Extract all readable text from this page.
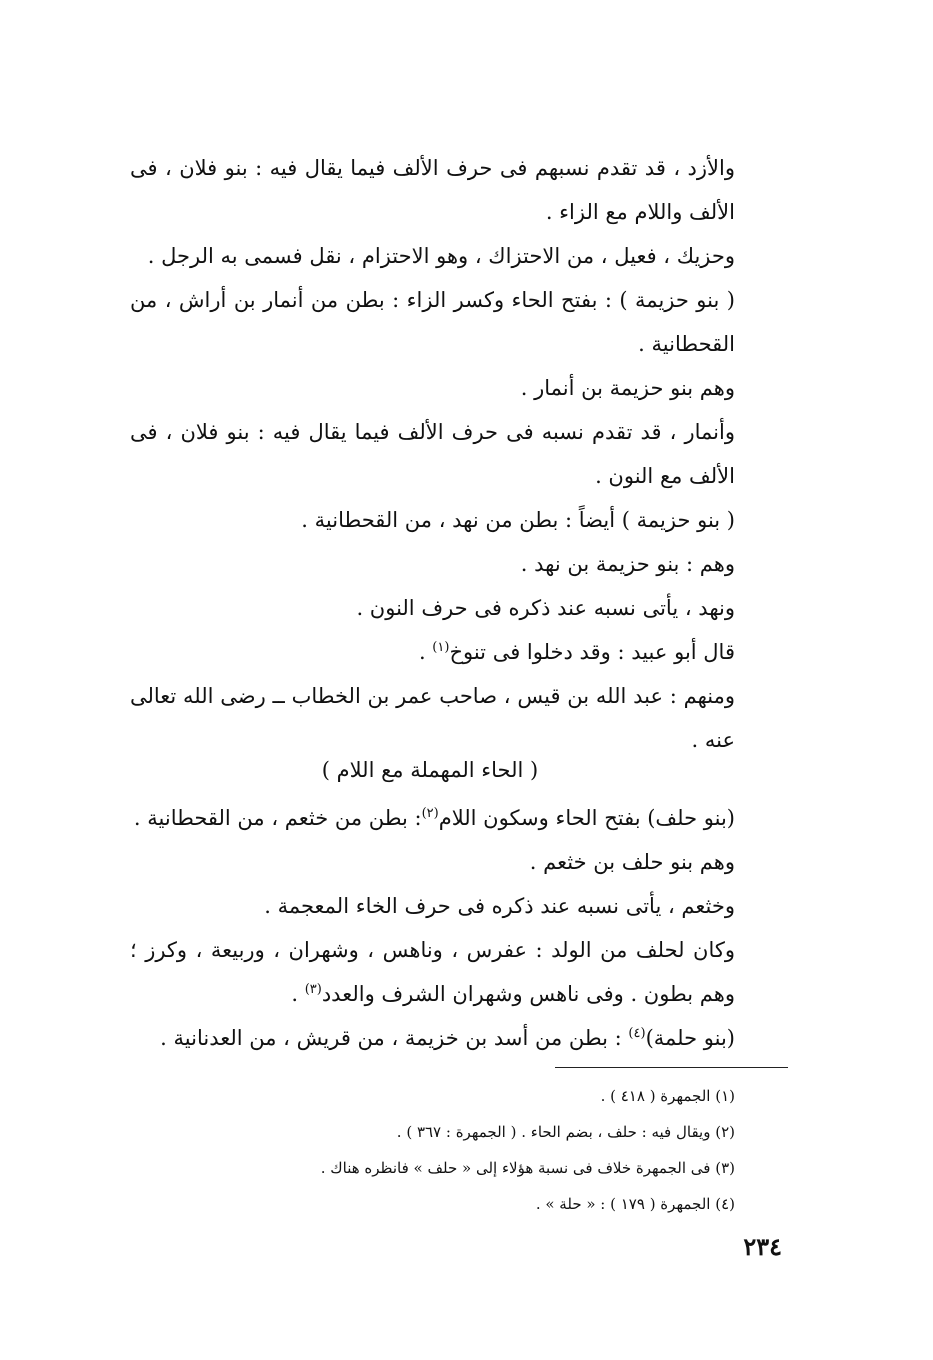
والأزد ، قد تقدم نسبهم فى حرف الألف فيما يقال فيه : بنو فلان ، فى الألف واللام مع الزاء .

وحزيك ، فعيل ، من الاحتزاك ، وهو الاحتزام ، نقل فسمى به الرجل .

( بنو حزيمة ) : بفتح الحاء وكسر الزاء : بطن من أنمار بن أراش ، من القحطانية .

وهم بنو حزيمة بن أنمار .

وأنمار ، قد تقدم نسبه فى حرف الألف فيما يقال فيه : بنو فلان ، فى الألف مع النون .

( بنو حزيمة ) أيضاً : بطن من نهد ، من القحطانية .

وهم : بنو حزيمة بن نهد .

ونهد ، يأتى نسبه عند ذكره فى حرف النون .

قال أبو عبيد : وقد دخلوا فى تنوخ$^{(١)}$ .

ومنهم : عبد الله بن قيس ، صاحب عمر بن الخطاب ــ رضى الله تعالى عنه .

( الحاء المهملة مع اللام )

(بنو حلف) بفتح الحاء وسكون اللام$^{(٢)}$: بطن من خثعم ، من القحطانية .

وهم بنو حلف بن خثعم .

وخثعم ، يأتى نسبه عند ذكره فى حرف الخاء المعجمة .

وكان لحلف من الولد : عفرس ، وناهس ، وشهران ، وربيعة ، وكرز ؛ وهم بطون . وفى ناهس وشهران الشرف والعدد$^{(٣)}$ .

(بنو حلمة)$^{(٤)}$ : بطن من أسد بن خزيمة ، من قريش ، من العدنانية .

(١) الجمهرة ( ٤١٨ ) .
(٢) ويقال فيه : حلف ، بضم الحاء . ( الجمهرة : ٣٦٧ ) .
(٣) فى الجمهرة خلاف فى نسبة هؤلاء إلى « حلف » فانظره هناك .
(٤) الجمهرة ( ١٧٩ ) : « حلة » .
٢٣٤
